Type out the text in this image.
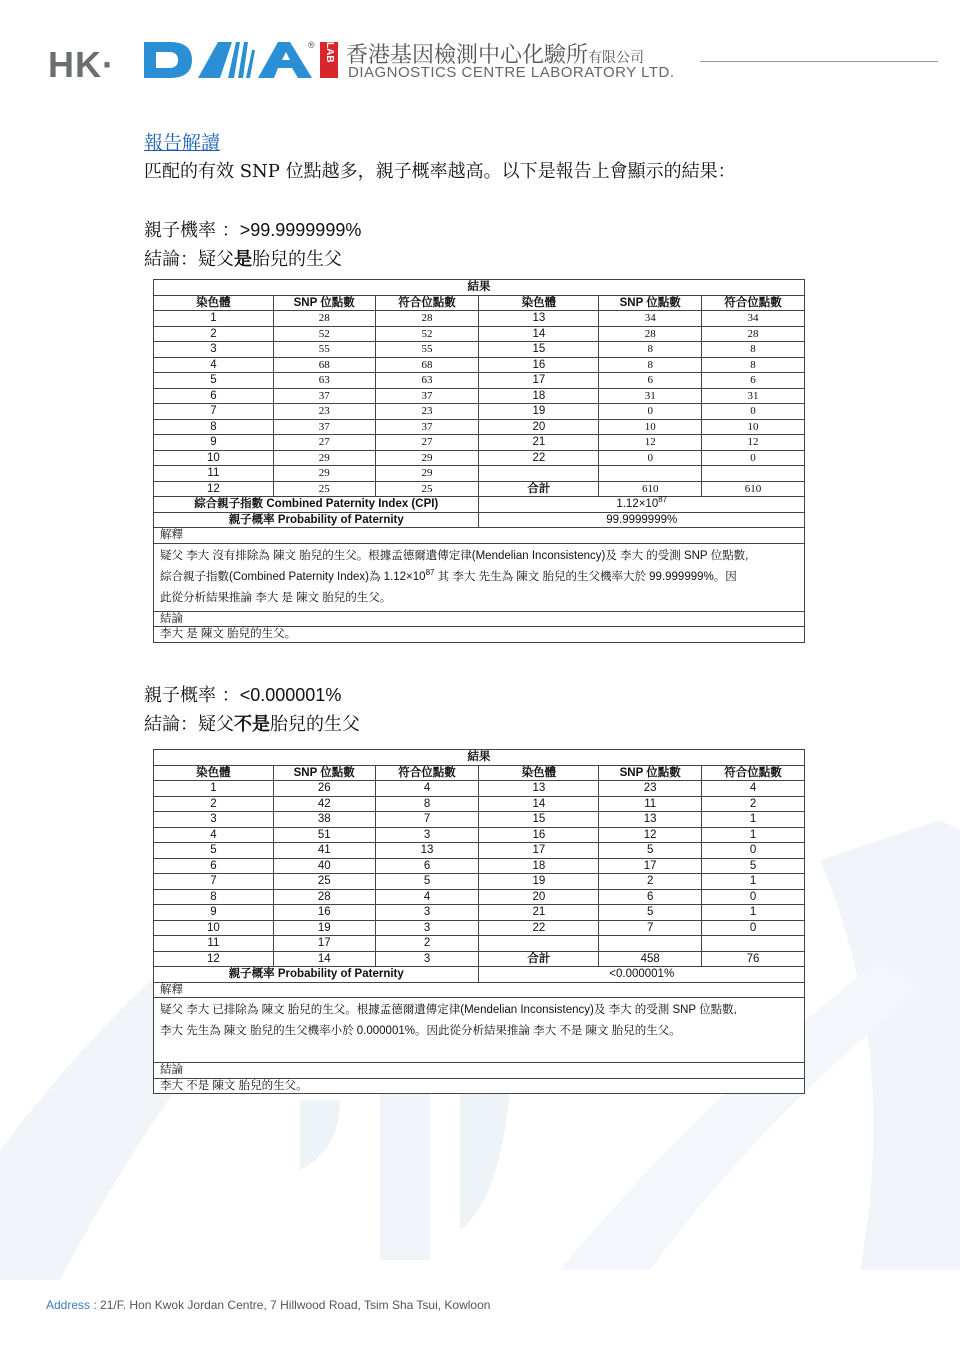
HK·	® LAB 香港基因檢測中心化驗所有限公司
DIAGNOSTICS CENTRE LABORATORY LTD.
報告解讀
匹配的有效 SNP 位點越多，親子概率越高。以下是報告上會顯示的結果：
親子機率 ：>99.9999999%
結論：疑父是胎兒的生父
結果					
染色體	SNP 位點數	符合位點數	染色體	SNP 位點數	符合位點數
1	28	28	13	34	34
2	52	52	14	28	28
3	55	55	15	8	8
4	68	68	16	8	8
5	63	63	17	6	6
6	37	37	18	31	31
7	23	23	19	0	0
8	37	37	20	10	10
9	27	27	21	12	12
10	29	29	22	0	0
11	29	29			
12	25	25	合計	610	610
綜合親子指數 Combined Paternity Index (CPI)			$1.12\times 10^{87}$
親子概率 Probability of Paternity			99.9999999%		
解釋					

疑父 李大 沒有排除為 陳文 胎兒的生父。根據孟德爾遺傳定律(Mendelian Inconsistency)及 李大 的受測 SNP 位點數,
綜合親子指數(Combined Paternity Index)為 $1.12\times 10^{87}$ 其 李大 先生為 陳文 胎兒的生父機率大於 99.999999%。因
此從分析結果推論 李大 是 陳文 胎兒的生父。					

結論					
李大 是 陳文 胎兒的生父。					
親子概率 ：<0.000001%
結論：疑父不是胎兒的生父
結果					
染色體	SNP 位點數	符合位點數	染色體	SNP 位點數	符合位點數
1	26	4	13	23	4
2	42	8	14	11	2
3	38	7	15	13	1
4	51	3	16	12	1
5	41	13	17	5	0
6	40	6	18	17	5
7	25	5	19	2	1
8	28	4	20	6	0
9	16	3	21	5	1
10	19	3	22	7	0
11	17	2			
12	14	3	合計	458	76
親子概率 Probability of Paternity			<0.000001%		
解釋					

疑父 李大 已排除為 陳文 胎兒的生父。根據孟德爾遺傳定律(Mendelian Inconsistency)及 李大 的受測 SNP 位點數,
李大 先生為 陳文 胎兒的生父機率小於 0.000001%。因此從分析結果推論 李大 不是 陳文 胎兒的生父。					

結論					
李大 不是 陳文 胎兒的生父。					
Address : 21/F. Hon Kwok Jordan Centre, 7 Hillwood Road, Tsim Sha Tsui, Kowloon
